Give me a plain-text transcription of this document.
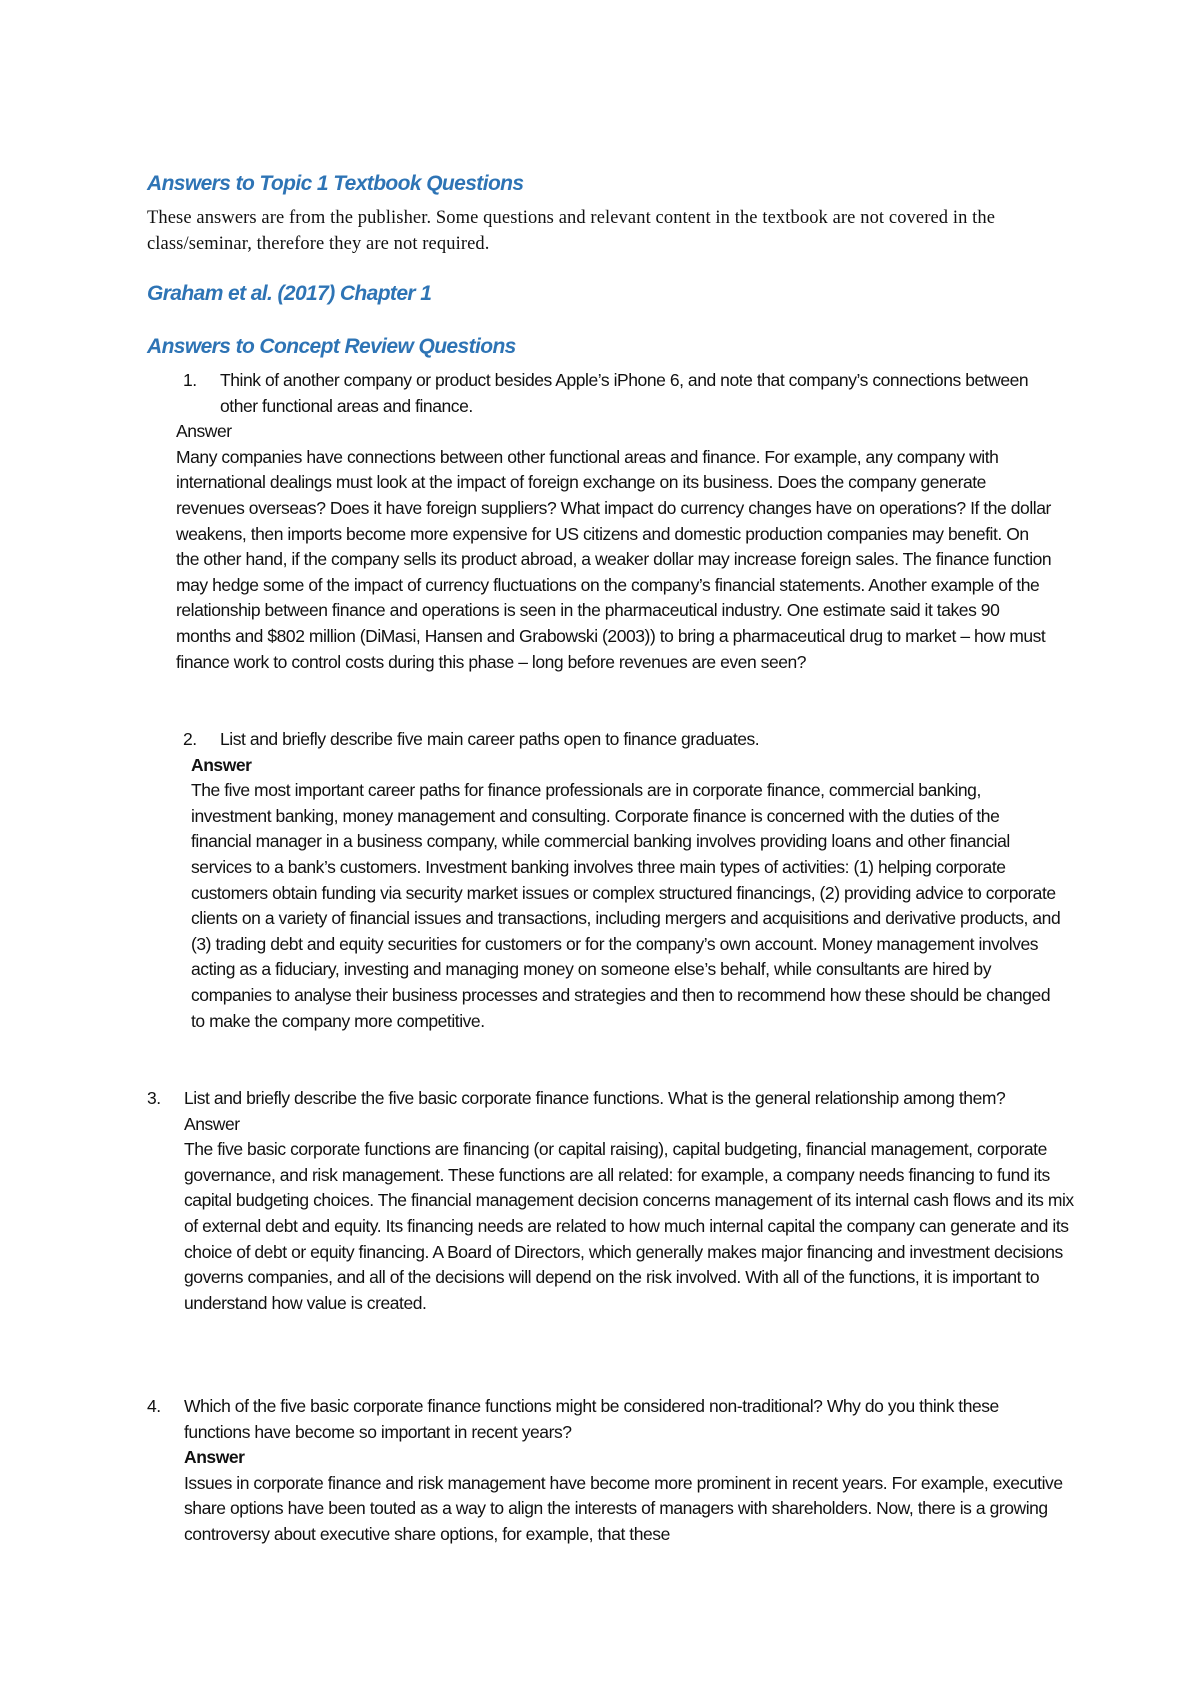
Answers to Topic 1 Textbook Questions
These answers are from the publisher. Some questions and relevant content in the textbook are not covered in the class/seminar, therefore they are not required.
Graham et al. (2017) Chapter 1
Answers to Concept Review Questions
1. Think of another company or product besides Apple’s iPhone 6, and note that company’s connections between other functional areas and finance.
Answer
Many companies have connections between other functional areas and finance. For example, any company with international dealings must look at the impact of foreign exchange on its business. Does the company generate revenues overseas? Does it have foreign suppliers? What impact do currency changes have on operations? If the dollar weakens, then imports become more expensive for US citizens and domestic production companies may benefit. On the other hand, if the company sells its product abroad, a weaker dollar may increase foreign sales. The finance function may hedge some of the impact of currency fluctuations on the company’s financial statements. Another example of the relationship between finance and operations is seen in the pharmaceutical industry. One estimate said it takes 90 months and $802 million (DiMasi, Hansen and Grabowski (2003)) to bring a pharmaceutical drug to market – how must finance work to control costs during this phase – long before revenues are even seen?
2. List and briefly describe five main career paths open to finance graduates.
Answer
The five most important career paths for finance professionals are in corporate finance, commercial banking, investment banking, money management and consulting. Corporate finance is concerned with the duties of the financial manager in a business company, while commercial banking involves providing loans and other financial services to a bank’s customers. Investment banking involves three main types of activities: (1) helping corporate customers obtain funding via security market issues or complex structured financings, (2) providing advice to corporate clients on a variety of financial issues and transactions, including mergers and acquisitions and derivative products, and (3) trading debt and equity securities for customers or for the company’s own account. Money management involves acting as a fiduciary, investing and managing money on someone else’s behalf, while consultants are hired by companies to analyse their business processes and strategies and then to recommend how these should be changed to make the company more competitive.
3. List and briefly describe the five basic corporate finance functions. What is the general relationship among them?
Answer
The five basic corporate functions are financing (or capital raising), capital budgeting, financial management, corporate governance, and risk management. These functions are all related: for example, a company needs financing to fund its capital budgeting choices. The financial management decision concerns management of its internal cash flows and its mix of external debt and equity. Its financing needs are related to how much internal capital the company can generate and its choice of debt or equity financing. A Board of Directors, which generally makes major financing and investment decisions governs companies, and all of the decisions will depend on the risk involved. With all of the functions, it is important to understand how value is created.
4. Which of the five basic corporate finance functions might be considered non-traditional? Why do you think these functions have become so important in recent years?
Answer
Issues in corporate finance and risk management have become more prominent in recent years. For example, executive share options have been touted as a way to align the interests of managers with shareholders. Now, there is a growing controversy about executive share options, for example, that these
